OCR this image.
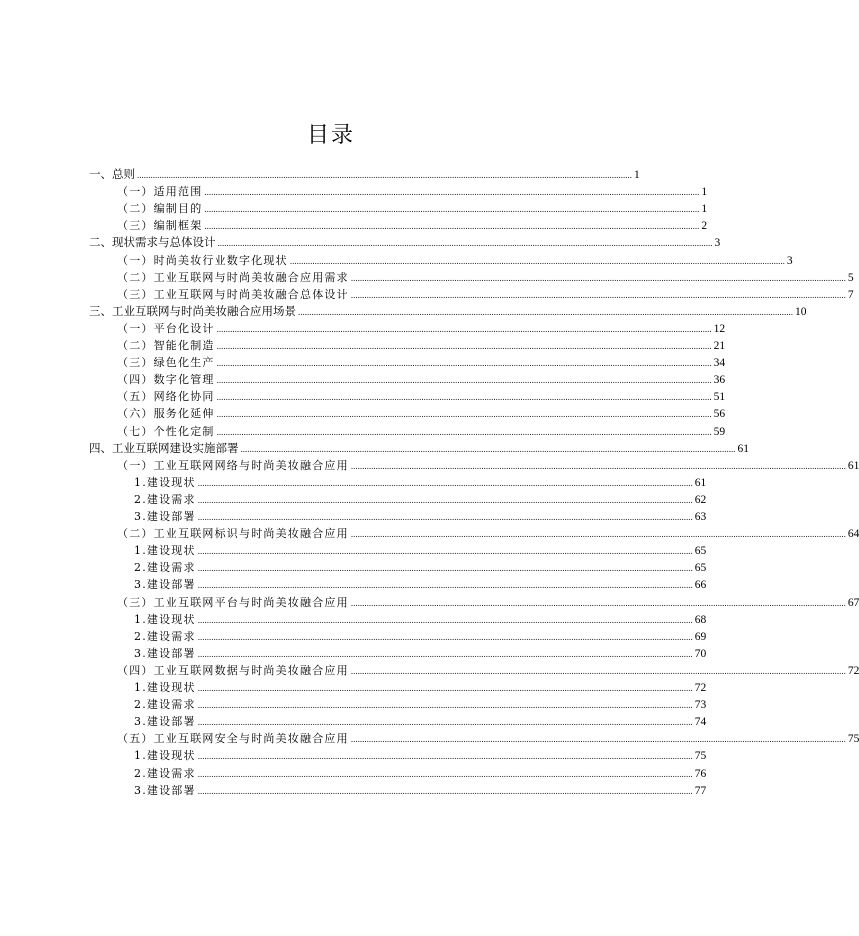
目录
一、总则 ............................................................................................................................................................................................................................ 1
（一）适用范围 ............................................................................................................................................................................................................................ 1
（二）编制目的 ............................................................................................................................................................................................................................ 1
（三）编制框架 ............................................................................................................................................................................................................................ 2
二、现状需求与总体设计 ............................................................................................................................................................................................................................ 3
（一）时尚美妆行业数字化现状 ............................................................................................................................................................................................................................ 3
（二）工业互联网与时尚美妆融合应用需求 ............................................................................................................................................................................................................................ 5
（三）工业互联网与时尚美妆融合总体设计 ............................................................................................................................................................................................................................ 7
三、工业互联网与时尚美妆融合应用场景 ............................................................................................................................................................................................................................ 10
（一）平台化设计 ............................................................................................................................................................................................................................ 12
（二）智能化制造 ............................................................................................................................................................................................................................ 21
（三）绿色化生产 ............................................................................................................................................................................................................................ 34
（四）数字化管理 ............................................................................................................................................................................................................................ 36
（五）网络化协同 ............................................................................................................................................................................................................................ 51
（六）服务化延伸 ............................................................................................................................................................................................................................ 56
（七）个性化定制 ............................................................................................................................................................................................................................ 59
四、工业互联网建设实施部署 ............................................................................................................................................................................................................................ 61
（一）工业互联网网络与时尚美妆融合应用 ............................................................................................................................................................................................................................ 61
1.建设现状 ............................................................................................................................................................................................................................ 61
2.建设需求 ............................................................................................................................................................................................................................ 62
3.建设部署 ............................................................................................................................................................................................................................ 63
（二）工业互联网标识与时尚美妆融合应用 ............................................................................................................................................................................................................................ 64
1.建设现状 ............................................................................................................................................................................................................................ 65
2.建设需求 ............................................................................................................................................................................................................................ 65
3.建设部署 ............................................................................................................................................................................................................................ 66
（三）工业互联网平台与时尚美妆融合应用 ............................................................................................................................................................................................................................ 67
1.建设现状 ............................................................................................................................................................................................................................ 68
2.建设需求 ............................................................................................................................................................................................................................ 69
3.建设部署 ............................................................................................................................................................................................................................ 70
（四）工业互联网数据与时尚美妆融合应用 ............................................................................................................................................................................................................................ 72
1.建设现状 ............................................................................................................................................................................................................................ 72
2.建设需求 ............................................................................................................................................................................................................................ 73
3.建设部署 ............................................................................................................................................................................................................................ 74
（五）工业互联网安全与时尚美妆融合应用 ............................................................................................................................................................................................................................ 75
1.建设现状 ............................................................................................................................................................................................................................ 75
2.建设需求 ............................................................................................................................................................................................................................ 76
3.建设部署 ............................................................................................................................................................................................................................ 77
